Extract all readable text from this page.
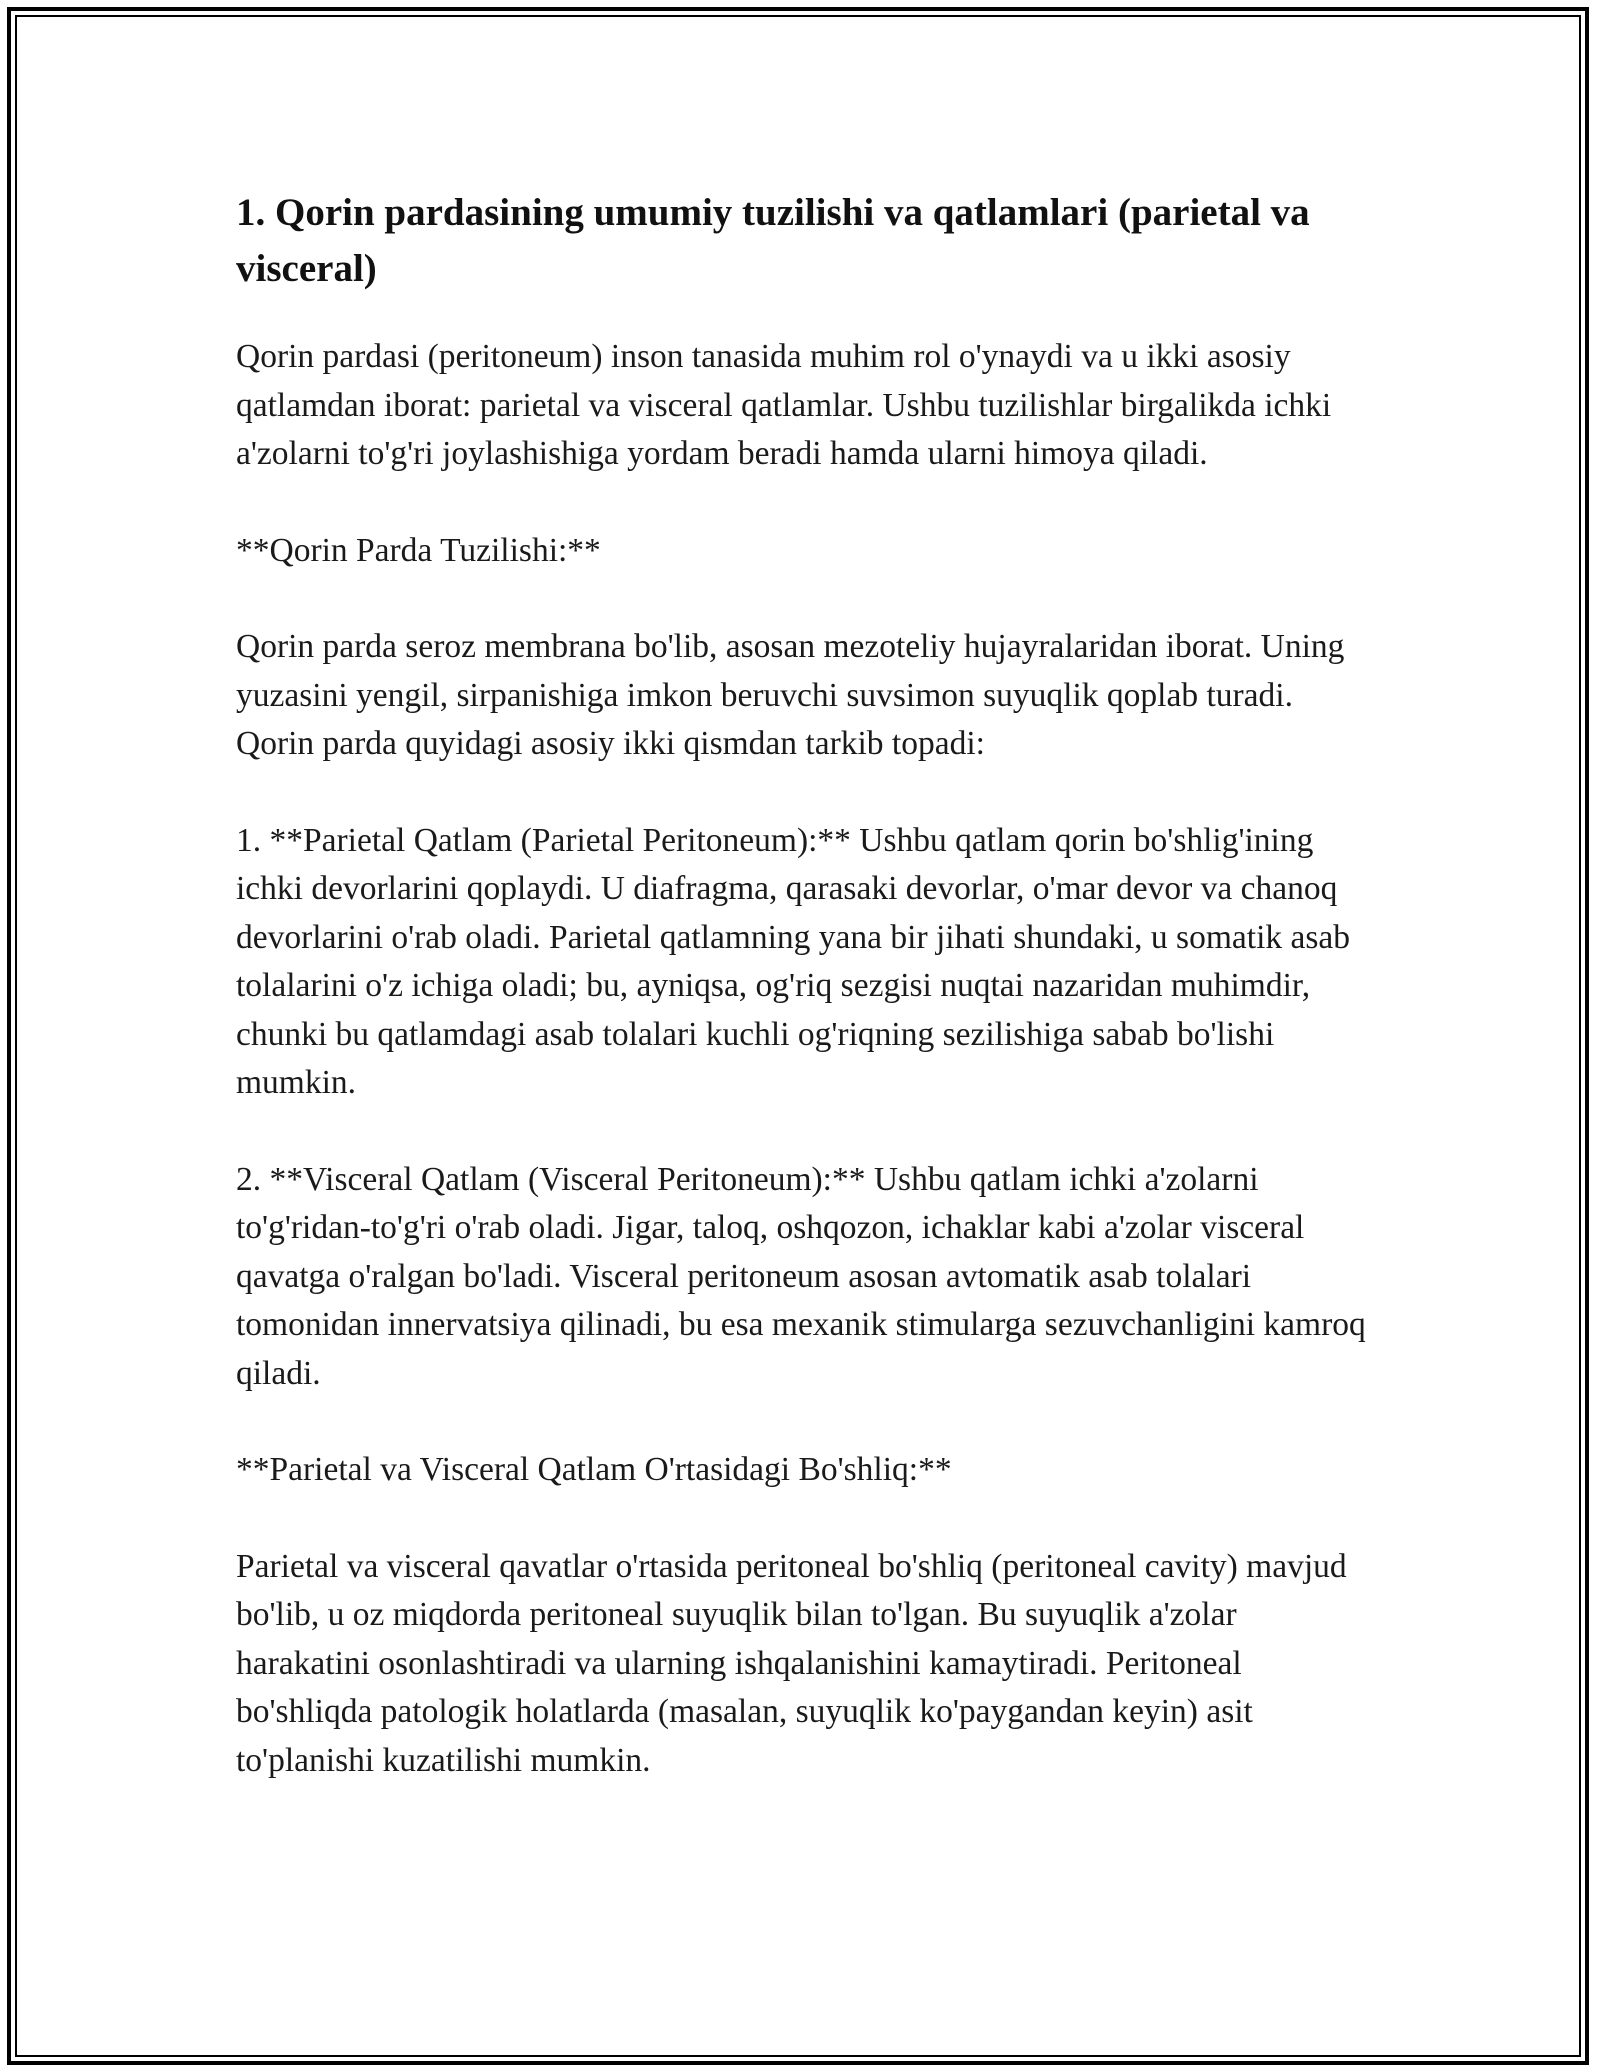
1. Qorin pardasining umumiy tuzilishi va qatlamlari (parietal va visceral)

Qorin pardasi (peritoneum) inson tanasida muhim rol o'ynaydi va u ikki asosiy qatlamdan iborat: parietal va visceral qatlamlar. Ushbu tuzilishlar birgalikda ichki a'zolarni to'g'ri joylashishiga yordam beradi hamda ularni himoya qiladi.

**Qorin Parda Tuzilishi:**

Qorin parda seroz membrana bo'lib, asosan mezoteliy hujayralaridan iborat. Uning yuzasini yengil, sirpanishiga imkon beruvchi suvsimon suyuqlik qoplab turadi. Qorin parda quyidagi asosiy ikki qismdan tarkib topadi:

1. **Parietal Qatlam (Parietal Peritoneum):** Ushbu qatlam qorin bo'shlig'ining ichki devorlarini qoplaydi. U diafragma, qarasaki devorlar, o'mar devor va chanoq devorlarini o'rab oladi. Parietal qatlamning yana bir jihati shundaki, u somatik asab tolalarini o'z ichiga oladi; bu, ayniqsa, og'riq sezgisi nuqtai nazaridan muhimdir, chunki bu qatlamdagi asab tolalari kuchli og'riqning sezilishiga sabab bo'lishi mumkin.

2. **Visceral Qatlam (Visceral Peritoneum):** Ushbu qatlam ichki a'zolarni to'g'ridan-to'g'ri o'rab oladi. Jigar, taloq, oshqozon, ichaklar kabi a'zolar visceral qavatga o'ralgan bo'ladi. Visceral peritoneum asosan avtomatik asab tolalari tomonidan innervatsiya qilinadi, bu esa mexanik stimularga sezuvchanligini kamroq qiladi.

**Parietal va Visceral Qatlam O'rtasidagi Bo'shliq:**

Parietal va visceral qavatlar o'rtasida peritoneal bo'shliq (peritoneal cavity) mavjud bo'lib, u oz miqdorda peritoneal suyuqlik bilan to'lgan. Bu suyuqlik a'zolar harakatini osonlashtiradi va ularning ishqalanishini kamaytiradi. Peritoneal bo'shliqda patologik holatlarda (masalan, suyuqlik ko'paygandan keyin) asit to'planishi kuzatilishi mumkin.
